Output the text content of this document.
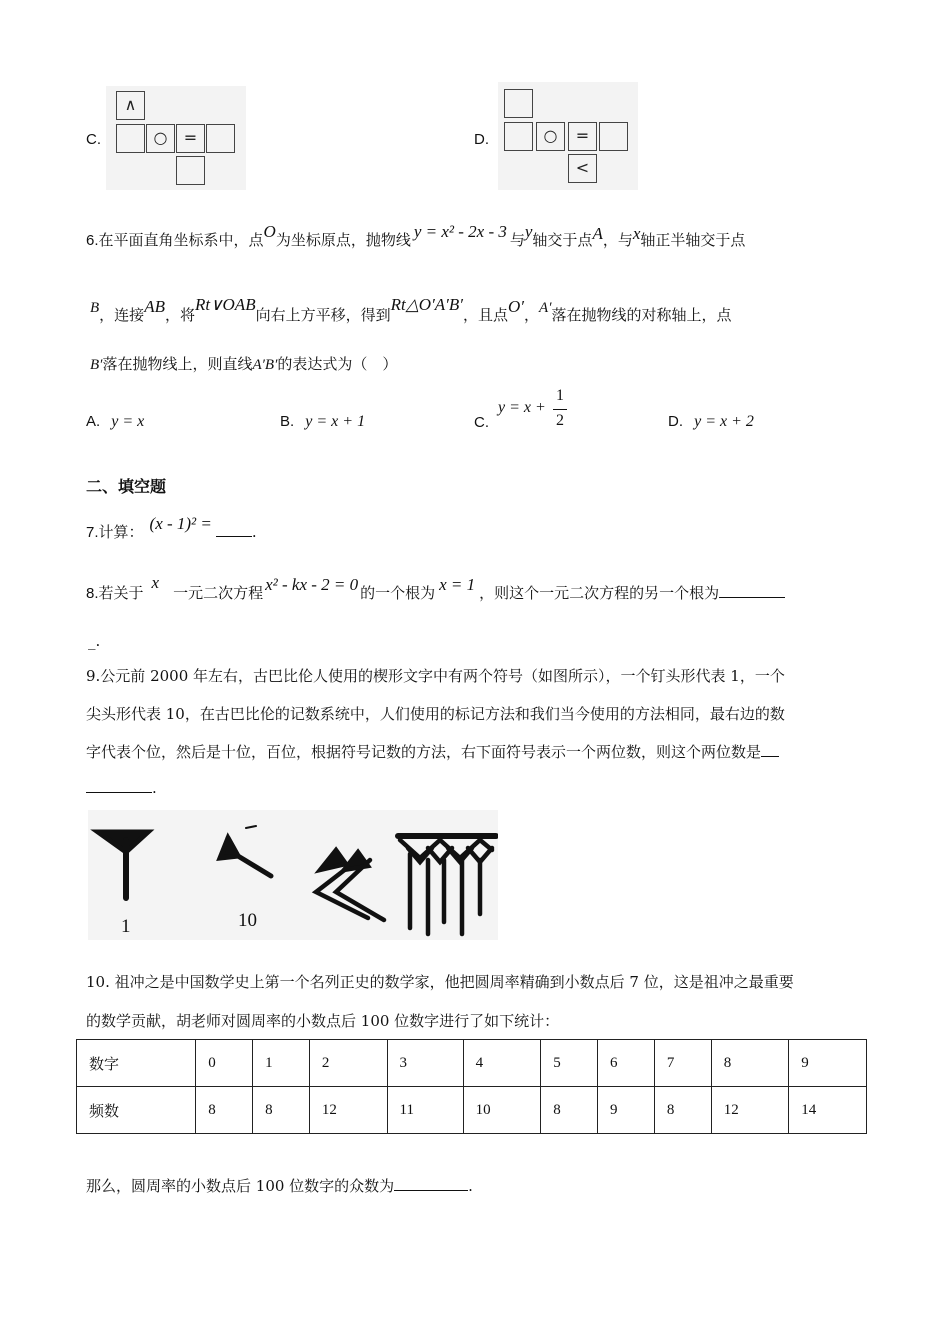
C.
∧
○	=	D.	○	=
<
6.在平面直角坐标系中，点O为坐标原点，抛物线 y = x² - 2x - 3 与y轴交于点A，与x轴正半轴交于点
B，连接AB，将Rt∨OAB向右上方平移，得到Rt△O′A′B′，且点O′，A′落在抛物线的对称轴上，点
B′落在抛物线上，则直线A′B′的表达式为（　）
A. y = x	B. y = x + 1	C.
y = x +
1
2	D. y = x + 2
二、填空题
7.计算： (x - 1)² =	.
8.若关于x一元二次方程 x² - kx - 2 = 0 的一个根为 x = 1 ，则这个一元二次方程的另一个根为
_.
9.公元前 2000 年左右，古巴比伦人使用的楔形文字中有两个符号（如图所示），一个钉头形代表 1，一个
尖头形代表 10，在古巴比伦的记数系统中，人们使用的标记方法和我们当今使用的方法相同，最右边的数
字代表个位，然后是十位，百位，根据符号记数的方法，右下面符号表示一个两位数，则这个两位数是
.
1	10
10. 祖冲之是中国数学史上第一个名列正史的数学家，他把圆周率精确到小数点后 7 位，这是祖冲之最重要
的数学贡献，胡老师对圆周率的小数点后 100 位数字进行了如下统计：
数字	0	1	2	3	4	5	6	7	8	9
频数	8	8	12	11	10	8	9	8	12	14
那么，圆周率的小数点后 100 位数字的众数为	.
